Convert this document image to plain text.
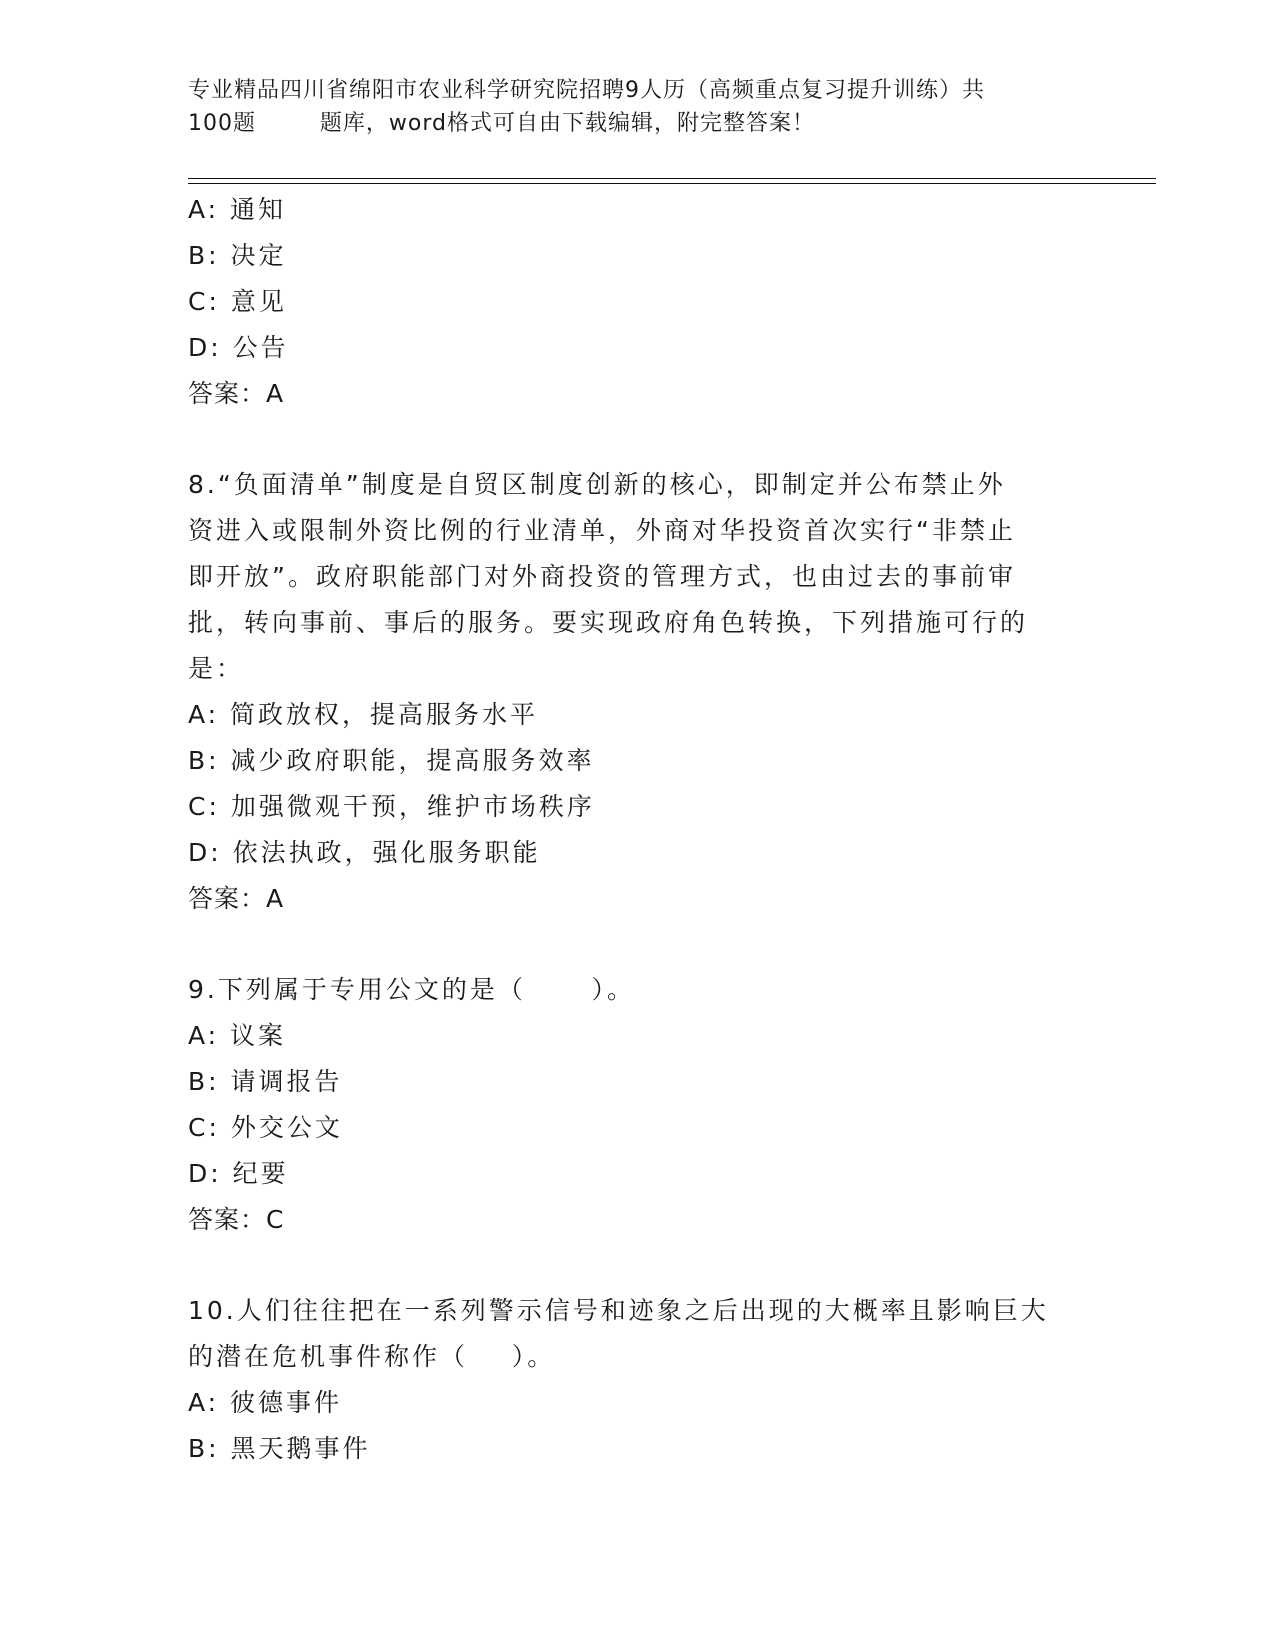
专业精品四川省绵阳市农业科学研究院招聘9人历（高频重点复习提升训练）共
100题        题库，word格式可自由下载编辑，附完整答案！
A: 通知
B: 决定
C: 意见
D: 公告
答案：A
8.“负面清单”制度是自贸区制度创新的核心，即制定并公布禁止外
资进入或限制外资比例的行业清单，外商对华投资首次实行“非禁止
即开放”。政府职能部门对外商投资的管理方式，也由过去的事前审
批，转向事前、事后的服务。要实现政府角色转换，下列措施可行的
是：
A: 简政放权，提高服务水平
B: 减少政府职能，提高服务效率
C: 加强微观干预，维护市场秩序
D: 依法执政，强化服务职能
答案：A
9.下列属于专用公文的是（      ）。
A: 议案
B: 请调报告
C: 外交公文
D: 纪要
答案：C
10.人们往往把在一系列警示信号和迹象之后出现的大概率且影响巨大
的潜在危机事件称作（    ）。
A: 彼德事件
B: 黑天鹅事件
